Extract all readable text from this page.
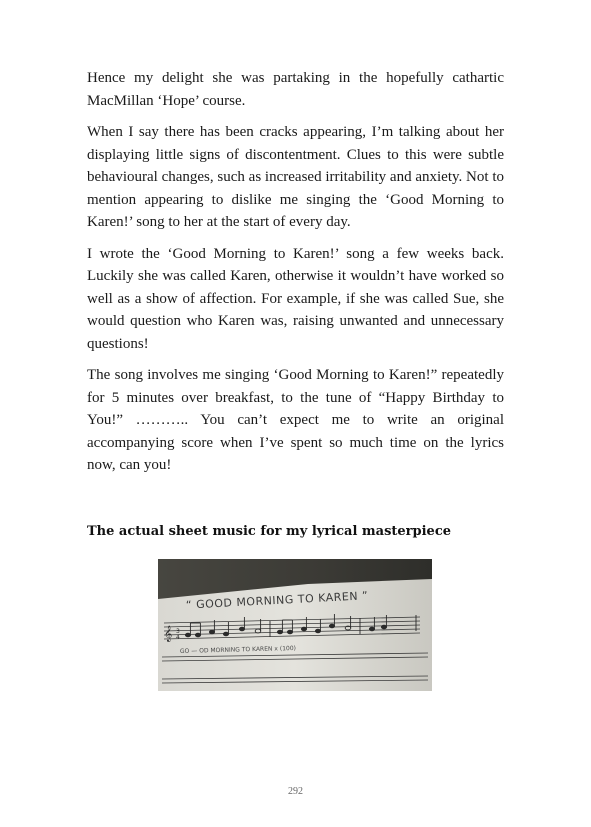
Hence my delight she was partaking in the hopefully cathartic MacMillan ‘Hope’ course.

When I say there has been cracks appearing, I’m talking about her displaying little signs of discontentment. Clues to this were subtle behavioural changes, such as increased irritability and anxiety. Not to mention appearing to dislike me singing the ‘Good Morning to Karen!’ song to her at the start of every day.

I wrote the ‘Good Morning to Karen!’ song a few weeks back. Luckily she was called Karen, otherwise it wouldn’t have worked so well as a show of affection. For example, if she was called Sue, she would question who Karen was, raising unwanted and unnecessary questions!

The song involves me singing ‘Good Morning to Karen!” repeatedly for 5 minutes over breakfast, to the tune of “Happy Birthday to You!” ……….. You can’t expect me to write an original accompanying score when I’ve spent so much time on the lyrics now, can you!

The actual sheet music for my lyrical masterpiece
𝄞 3
4
“ GOOD MORNING TO KAREN ”
GO — OD MORNING TO KAREN x (100)
292
